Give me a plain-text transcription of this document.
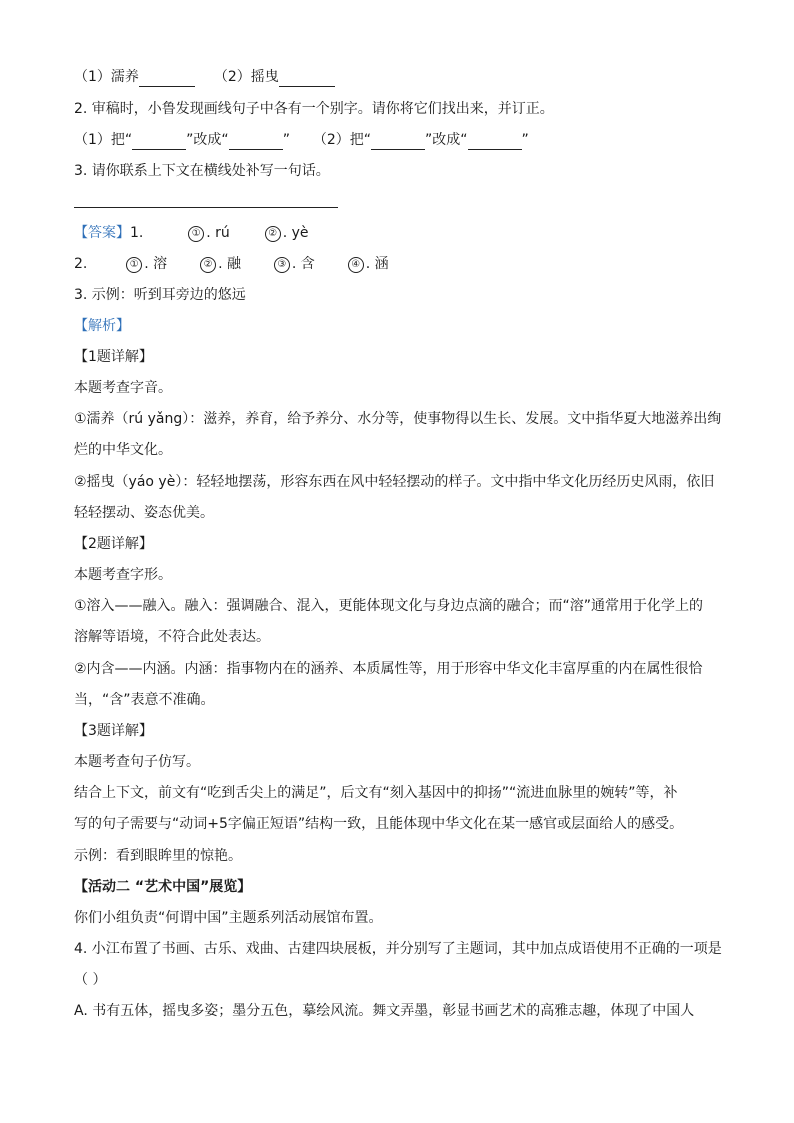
（1）濡养	（2）摇曳
2. 审稿时，小鲁发现画线句子中各有一个别字。请你将它们找出来，并订正。
（1）把“	”改成“	” （2）把“	”改成“	”
3. 请你联系上下文在横线处补写一句话。
【答案】1.	① . rú	② . yè
2.	① . 溶	② . 融	③ . 含	④ . 涵
3. 示例：听到耳旁边的悠远
【解析】
【1题详解】
本题考查字音。
①濡养（rú yǎng）：滋养，养育，给予养分、水分等，使事物得以生长、发展。文中指华夏大地滋养出绚
烂的中华文化。
②摇曳（yáo yè）：轻轻地摆荡，形容东西在风中轻轻摆动的样子。文中指中华文化历经历史风雨，依旧
轻轻摆动、姿态优美。
【2题详解】
本题考查字形。
①溶入——融入。融入：强调融合、混入，更能体现文化与身边点滴的融合；而“溶”通常用于化学上的
溶解等语境，不符合此处表达。
②内含——内涵。内涵：指事物内在的涵养、本质属性等，用于形容中华文化丰富厚重的内在属性很恰
当，“含”表意不准确。
【3题详解】
本题考查句子仿写。
结合上下文，前文有“吃到舌尖上的满足”，后文有“刻入基因中的抑扬”“流进血脉里的婉转”等，补
写的句子需要与“动词+5字偏正短语”结构一致，且能体现中华文化在某一感官或层面给人的感受。
示例：看到眼眸里的惊艳。
【活动二 “艺术中国”展览】
你们小组负责“何谓中国”主题系列活动展馆布置。
4. 小江布置了书画、古乐、戏曲、古建四块展板，并分别写了主题词，其中加点成语使用不正确的一项是
（ ）
A. 书有五体，摇曳多姿；墨分五色，摹绘风流。舞文弄墨，彰显书画艺术的高雅志趣，体现了中国人
